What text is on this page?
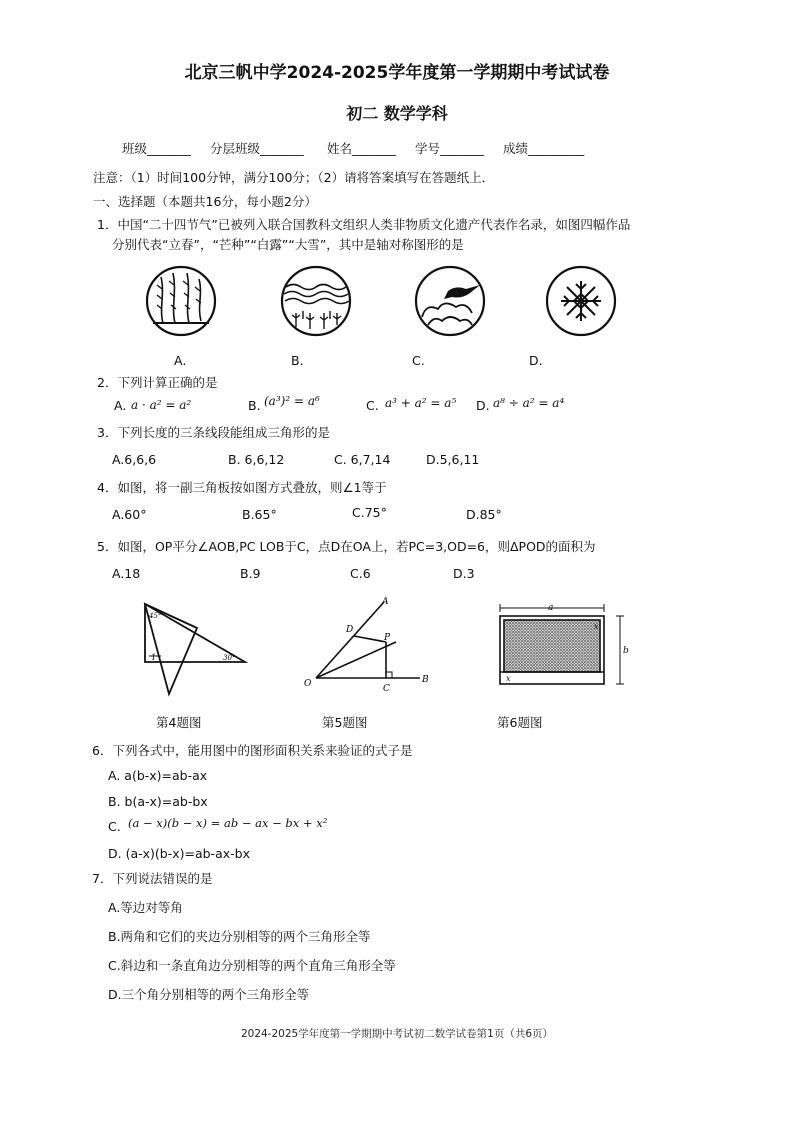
北京三帆中学2024-2025学年度第一学期期中考试试卷
初二 数学学科
班级_______ 分层班级_______ 姓名_______ 学号_______ 成绩_________
注意：（1）时间100分钟，满分100分；（2）请将答案填写在答题纸上．
一、选择题（本题共16分，每小题2分）
1．中国“二十四节气”已被列入联合国教科文组织人类非物质文化遗产代表作名录，如图四幅作品
分别代表“立春”，“芒种”“白露”“大雪”，其中是轴对称图形的是
A.	B.	C.	D.
2．下列计算正确的是
A. a · a² = a²	B. (a³)² = a⁶	C. a³ + a² = a⁵ D. a⁸ ÷ a² = a⁴
3．下列长度的三条线段能组成三角形的是
A.6,6,6	B. 6,6,12	C. 6,7,14	D.5,6,11
4．如图，将一副三角板按如图方式叠放，则∠1等于
A.60°	B.65°	C.75°	D.85°
5．如图，OP平分∠AOB,PC LOB于C，点D在OA上，若PC=3,OD=6，则ΔPOD的面积为
A.18	B.9	C.6	D.3
45°
1	30°
A
D
P
O	C
B
a
x
b
x
第4题图	第5题图	第6题图
6．下列各式中，能用图中的图形面积关系来验证的式子是
A. a(b-x)=ab-ax
B. b(a-x)=ab-bx
C. (a − x)(b − x) = ab − ax − bx + x²
D. (a-x)(b-x)=ab-ax-bx
7．下列说法错误的是
A.等边对等角
B.两角和它们的夹边分别相等的两个三角形全等
C.斜边和一条直角边分别相等的两个直角三角形全等
D.三个角分别相等的两个三角形全等
2024-2025学年度第一学期期中考试初二数学试卷第1页（共6页）
